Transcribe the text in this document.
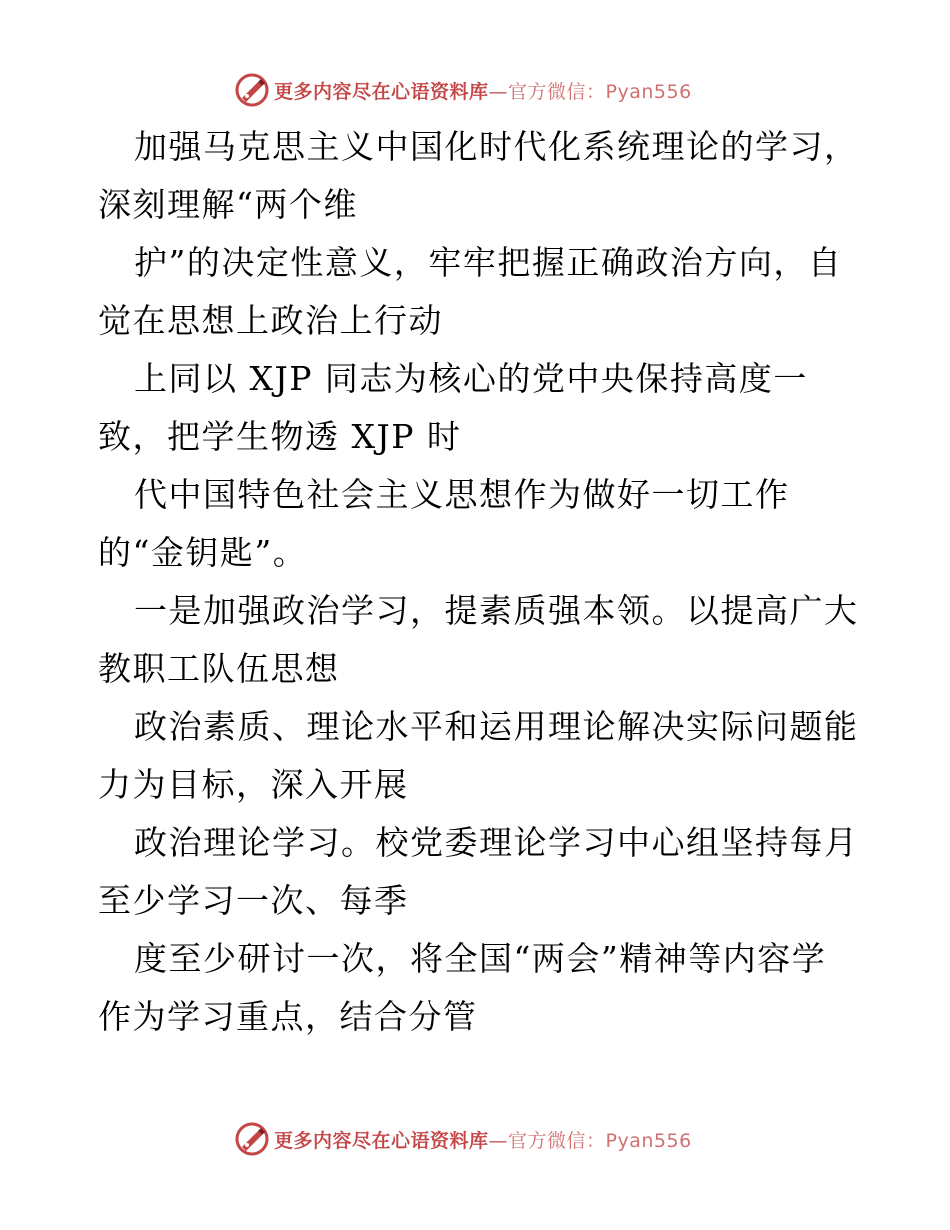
更多内容尽在心语资料库—官方微信：Pyan556
加强马克思主义中国化时代化系统理论的学习，
深刻理解“两个维
护”的决定性意义，牢牢把握正确政治方向，自
觉在思想上政治上行动
上同以 XJP 同志为核心的党中央保持高度一
致，把学生物透 XJP 时
代中国特色社会主义思想作为做好一切工作
的“金钥匙”。
一是加强政治学习，提素质强本领。以提高广大
教职工队伍思想
政治素质、理论水平和运用理论解决实际问题能
力为目标，深入开展
政治理论学习。校党委理论学习中心组坚持每月
至少学习一次、每季
度至少研讨一次，将全国“两会”精神等内容学
作为学习重点，结合分管
更多内容尽在心语资料库—官方微信：Pyan556
